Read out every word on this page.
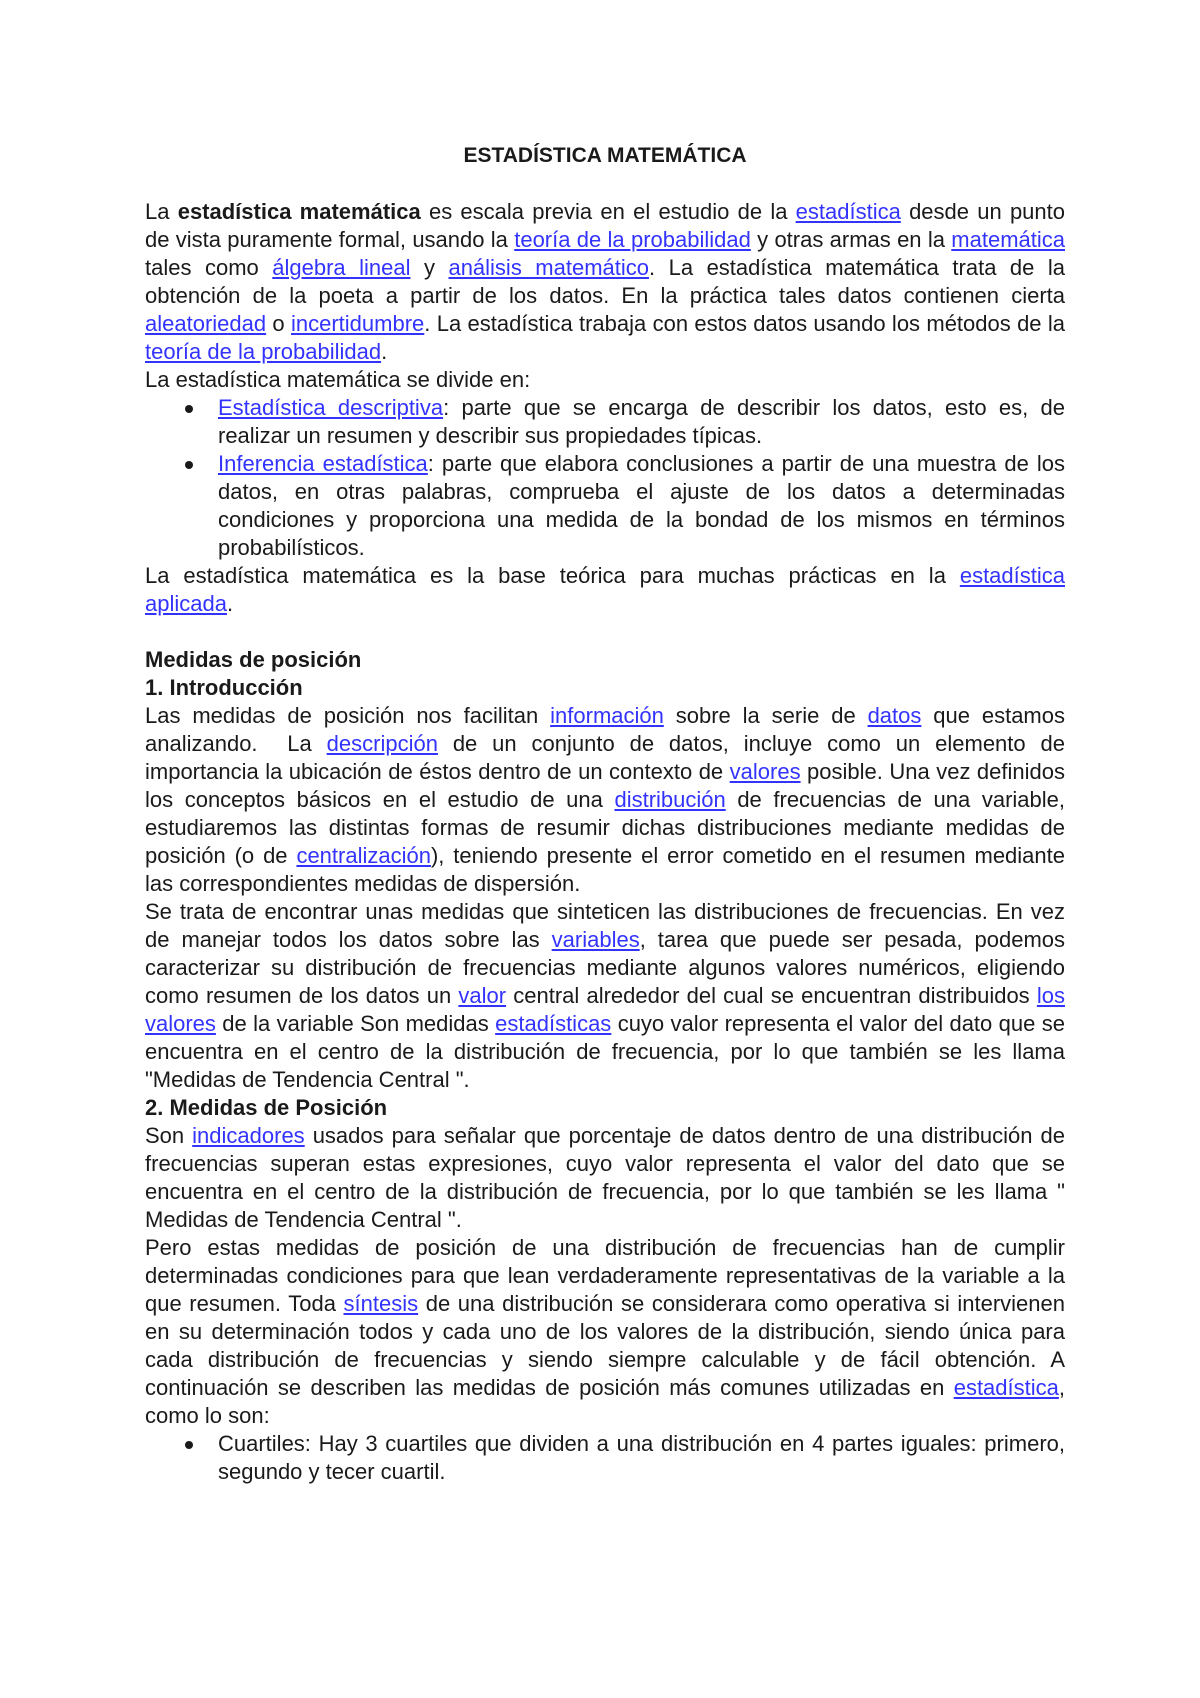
ESTADÍSTICA MATEMÁTICA

La estadística matemática es escala previa en el estudio de la estadística desde un punto de vista puramente formal, usando la teoría de la probabilidad y otras armas en la matemática tales como álgebra lineal y análisis matemático. La estadística matemática trata de la obtención de la poeta a partir de los datos. En la práctica tales datos contienen cierta aleatoriedad o incertidumbre. La estadística trabaja con estos datos usando los métodos de la teoría de la probabilidad.

La estadística matemática se divide en:

Estadística descriptiva: parte que se encarga de describir los datos, esto es, de realizar un resumen y describir sus propiedades típicas.
Inferencia estadística: parte que elabora conclusiones a partir de una muestra de los datos, en otras palabras, comprueba el ajuste de los datos a determinadas condiciones y proporciona una medida de la bondad de los mismos en términos probabilísticos.

La estadística matemática es la base teórica para muchas prácticas en la estadística aplicada.

Medidas de posición
1. Introducción

Las medidas de posición nos facilitan información sobre la serie de datos que estamos analizando.  La descripción de un conjunto de datos, incluye como un elemento de importancia la ubicación de éstos dentro de un contexto de valores posible. Una vez definidos los conceptos básicos en el estudio de una distribución de frecuencias de una variable, estudiaremos las distintas formas de resumir dichas distribuciones mediante medidas de posición (o de centralización), teniendo presente el error cometido en el resumen mediante las correspondientes medidas de dispersión.

Se trata de encontrar unas medidas que sinteticen las distribuciones de frecuencias. En vez de manejar todos los datos sobre las variables, tarea que puede ser pesada, podemos caracterizar su distribución de frecuencias mediante algunos valores numéricos, eligiendo como resumen de los datos un valor central alrededor del cual se encuentran distribuidos los valores de la variable Son medidas estadísticas cuyo valor representa el valor del dato que se encuentra en el centro de la distribución de frecuencia, por lo que también se les llama "Medidas de Tendencia Central ".

2. Medidas de Posición

Son indicadores usados para señalar que porcentaje de datos dentro de una distribución de frecuencias superan estas expresiones, cuyo valor representa el valor del dato que se encuentra en el centro de la distribución de frecuencia, por lo que también se les llama " Medidas de Tendencia Central ".

Pero estas medidas de posición de una distribución de frecuencias han de cumplir determinadas condiciones para que lean verdaderamente representativas de la variable a la que resumen. Toda síntesis de una distribución se considerara como operativa si intervienen en su determinación todos y cada uno de los valores de la distribución, siendo única para cada distribución de frecuencias y siendo siempre calculable y de fácil obtención. A continuación se describen las medidas de posición más comunes utilizadas en estadística, como lo son:

Cuartiles: Hay 3 cuartiles que dividen a una distribución en 4 partes iguales: primero, segundo y tecer cuartil.
